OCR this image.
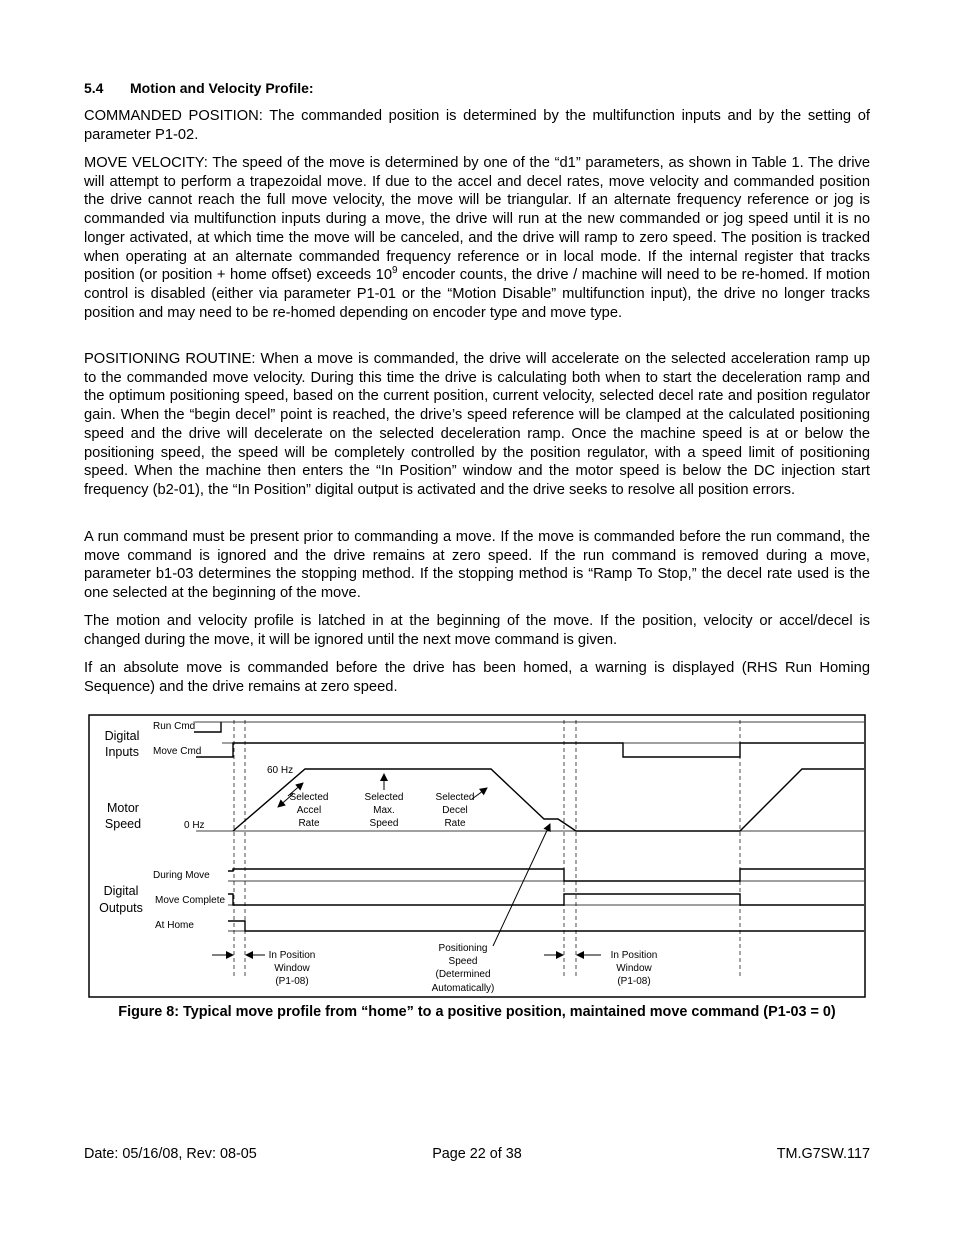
5.4 Motion and Velocity Profile:

COMMANDED POSITION: The commanded position is determined by the multifunction inputs and by the setting of parameter P1-02.

MOVE VELOCITY: The speed of the move is determined by one of the “d1” parameters, as shown in Table 1. The drive will attempt to perform a trapezoidal move. If due to the accel and decel rates, move velocity and commanded position the drive cannot reach the full move velocity, the move will be triangular. If an alternate frequency reference or jog is commanded via multifunction inputs during a move, the drive will run at the new commanded or jog speed until it is no longer activated, at which time the move will be canceled, and the drive will ramp to zero speed. The position is tracked when operating at an alternate commanded frequency reference or in local mode. If the internal register that tracks position (or position + home offset) exceeds $10^9$ encoder counts, the drive / machine will need to be re-homed. If motion control is disabled (either via parameter P1-01 or the “Motion Disable” multifunction input), the drive no longer tracks position and may need to be re-homed depending on encoder type and move type.

POSITIONING ROUTINE: When a move is commanded, the drive will accelerate on the selected acceleration ramp up to the commanded move velocity. During this time the drive is calculating both when to start the deceleration ramp and the optimum positioning speed, based on the current position, current velocity, selected decel rate and position regulator gain. When the “begin decel” point is reached, the drive’s speed reference will be clamped at the calculated positioning speed and the drive will decelerate on the selected deceleration ramp. Once the machine speed is at or below the positioning speed, the speed will be completely controlled by the position regulator, with a speed limit of positioning speed. When the machine then enters the “In Position” window and the motor speed is below the DC injection start frequency (b2-01), the “In Position” digital output is activated and the drive seeks to resolve all position errors.

A run command must be present prior to commanding a move. If the move is commanded before the run command, the move command is ignored and the drive remains at zero speed. If the run command is removed during a move, parameter b1-03 determines the stopping method. If the stopping method is “Ramp To Stop,” the decel rate used is the one selected at the beginning of the move.

The motion and velocity profile is latched in at the beginning of the move. If the position, velocity or accel/decel is changed during the move, it will be ignored until the next move command is given.

If an absolute move is commanded before the drive has been homed, a warning is displayed (RHS Run Homing Sequence) and the drive remains at zero speed.

Digital
Inputs
Motor
Speed
Digital
Outputs
Run Cmd
Move Cmd
60 Hz
0 Hz
During Move
Move Complete
At Home
Selected
Accel
Rate
Selected
Max.
Speed
Selected
Decel
Rate
In Position
Window
(P1-08)
Positioning
Speed
(Determined
Automatically)
In Position
Window
(P1-08)
Figure 8: Typical move profile from “home” to a positive position, maintained move command (P1-03 = 0)
Date: 05/16/08, Rev: 08-05	Page 22 of 38	TM.G7SW.117
